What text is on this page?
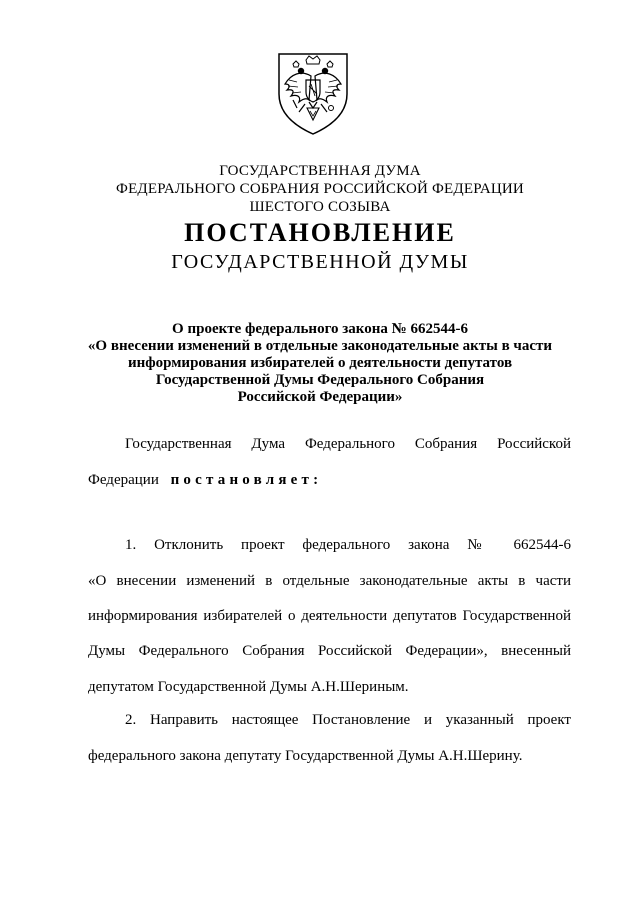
ГОСУДАРСТВЕННАЯ ДУМА
ФЕДЕРАЛЬНОГО СОБРАНИЯ РОССИЙСКОЙ ФЕДЕРАЦИИ
ШЕСТОГО СОЗЫВА
ПОСТАНОВЛЕНИЕ
ГОСУДАРСТВЕННОЙ ДУМЫ
О проекте федерального закона № 662544-6
«О внесении изменений в отдельные законодательные акты в части
информирования избирателей о деятельности депутатов
Государственной Думы Федерального Собрания
Российской Федерации»
Государственная Дума Федерального Собрания Российской
Федерации постановляет:
1. Отклонить проект федерального закона № 662544-6
«О внесении изменений в отдельные законодательные акты в части
информирования избирателей о деятельности депутатов Государственной
Думы Федерального Собрания Российской Федерации», внесенный
депутатом Государственной Думы А.Н.Шериным.
2. Направить настоящее Постановление и указанный проект
федерального закона депутату Государственной Думы А.Н.Шерину.
